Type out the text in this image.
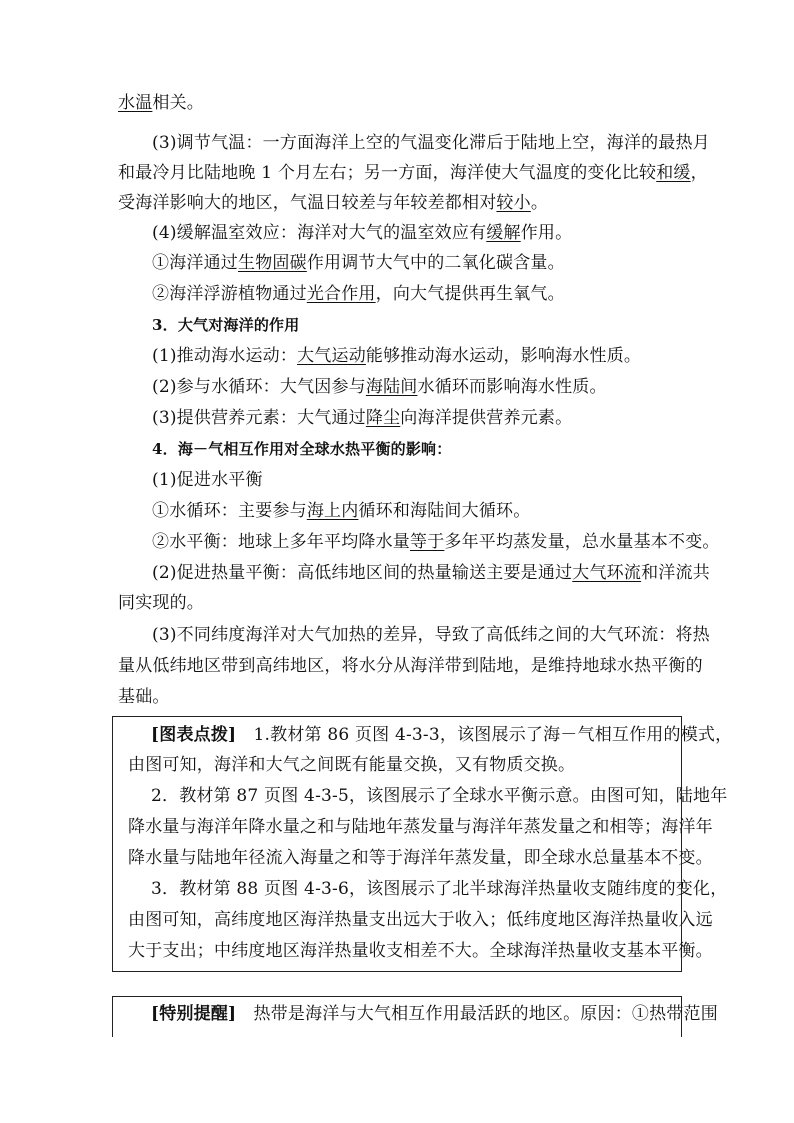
水温相关。
(3)调节气温：一方面海洋上空的气温变化滞后于陆地上空，海洋的最热月
和最冷月比陆地晚 1 个月左右；另一方面，海洋使大气温度的变化比较和缓，
受海洋影响大的地区，气温日较差与年较差都相对较小。
(4)缓解温室效应：海洋对大气的温室效应有缓解作用。
①海洋通过生物固碳作用调节大气中的二氧化碳含量。
②海洋浮游植物通过光合作用，向大气提供再生氧气。
3．大气对海洋的作用
(1)推动海水运动：大气运动能够推动海水运动，影响海水性质。
(2)参与水循环：大气因参与海陆间水循环而影响海水性质。
(3)提供营养元素：大气通过降尘向海洋提供营养元素。
4．海－气相互作用对全球水热平衡的影响：
(1)促进水平衡
①水循环：主要参与海上内循环和海陆间大循环。
②水平衡：地球上多年平均降水量等于多年平均蒸发量，总水量基本不变。
(2)促进热量平衡：高低纬地区间的热量输送主要是通过大气环流和洋流共
同实现的。
(3)不同纬度海洋对大气加热的差异，导致了高低纬之间的大气环流：将热
量从低纬地区带到高纬地区，将水分从海洋带到陆地，是维持地球水热平衡的
基础。
[图表点拨]　1.教材第 86 页图 4-3-3，该图展示了海－气相互作用的模式，
由图可知，海洋和大气之间既有能量交换，又有物质交换。
2．教材第 87 页图 4-3-5，该图展示了全球水平衡示意。由图可知，陆地年
降水量与海洋年降水量之和与陆地年蒸发量与海洋年蒸发量之和相等；海洋年
降水量与陆地年径流入海量之和等于海洋年蒸发量，即全球水总量基本不变。
3．教材第 88 页图 4-3-6，该图展示了北半球海洋热量收支随纬度的变化，
由图可知，高纬度地区海洋热量支出远大于收入；低纬度地区海洋热量收入远
大于支出；中纬度地区海洋热量收支相差不大。全球海洋热量收支基本平衡。
[特别提醒]　热带是海洋与大气相互作用最活跃的地区。原因：①热带范围
